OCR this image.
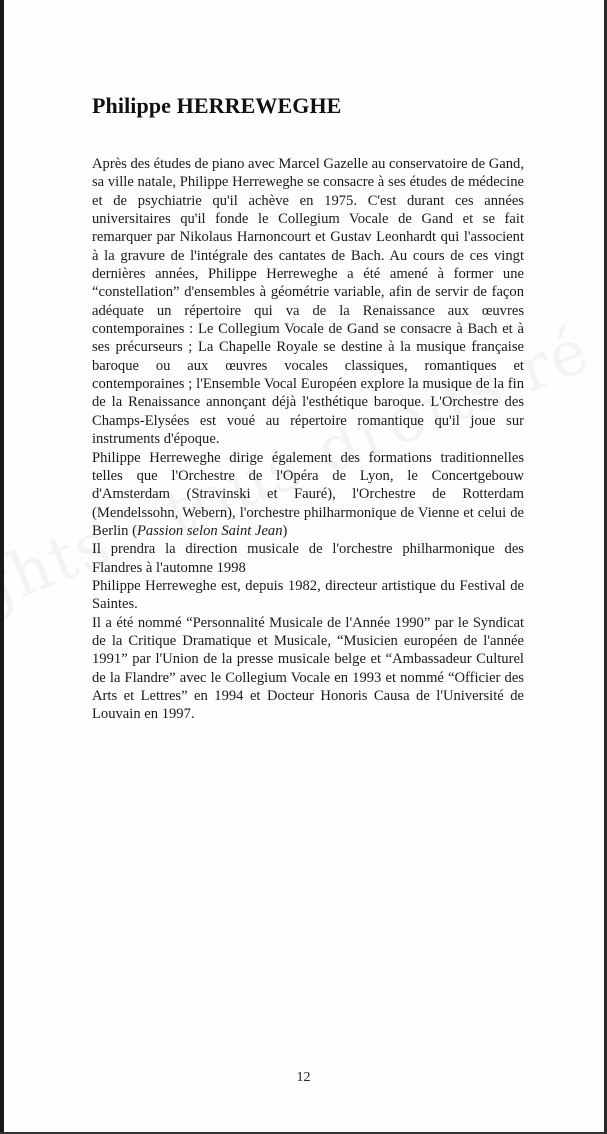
Philippe HERREWEGHE

Après des études de piano avec Marcel Gazelle au conservatoire de Gand, sa ville natale, Philippe Herreweghe se consacre à ses études de médecine et de psychiatrie qu'il achève en 1975. C'est durant ces années universitaires qu'il fonde le Collegium Vocale de Gand et se fait remarquer par Nikolaus Harnoncourt et Gustav Leonhardt qui l'associent à la gravure de l'intégrale des cantates de Bach. Au cours de ces vingt dernières années, Philippe Herreweghe a été amené à former une “constellation” d'ensembles à géométrie variable, afin de servir de façon adéquate un répertoire qui va de la Renaissance aux œuvres contemporaines : Le Collegium Vocale de Gand se consacre à Bach et à ses précurseurs ; La Chapelle Royale se destine à la musique française baroque ou aux œuvres vocales classiques, romantiques et contemporaines ; l'Ensemble Vocal Européen explore la musique de la fin de la Renaissance annonçant déjà l'esthétique baroque. L'Orchestre des Champs-Elysées est voué au répertoire romantique qu'il joue sur instruments d'époque.

Philippe Herreweghe dirige également des formations traditionnelles telles que l'Orchestre de l'Opéra de Lyon, le Concertgebouw d'Amsterdam (Stravinski et Fauré), l'Orchestre de Rotterdam (Mendelssohn, Webern), l'orchestre philharmonique de Vienne et celui de Berlin (Passion selon Saint Jean)

Il prendra la direction musicale de l'orchestre philharmonique des Flandres à l'automne 1998

Philippe Herreweghe est, depuis 1982, directeur artistique du Festival de Saintes.

Il a été nommé “Personnalité Musicale de l'Année 1990” par le Syndicat de la Critique Dramatique et Musicale, “Musicien européen de l'année 1991” par l'Union de la presse musicale belge et “Ambassadeur Culturel de la Flandre” avec le Collegium Vocale en 1993 et nommé “Officier des Arts et Lettres” en 1994 et Docteur Honoris Causa de l'Université de Louvain en 1997.

12
